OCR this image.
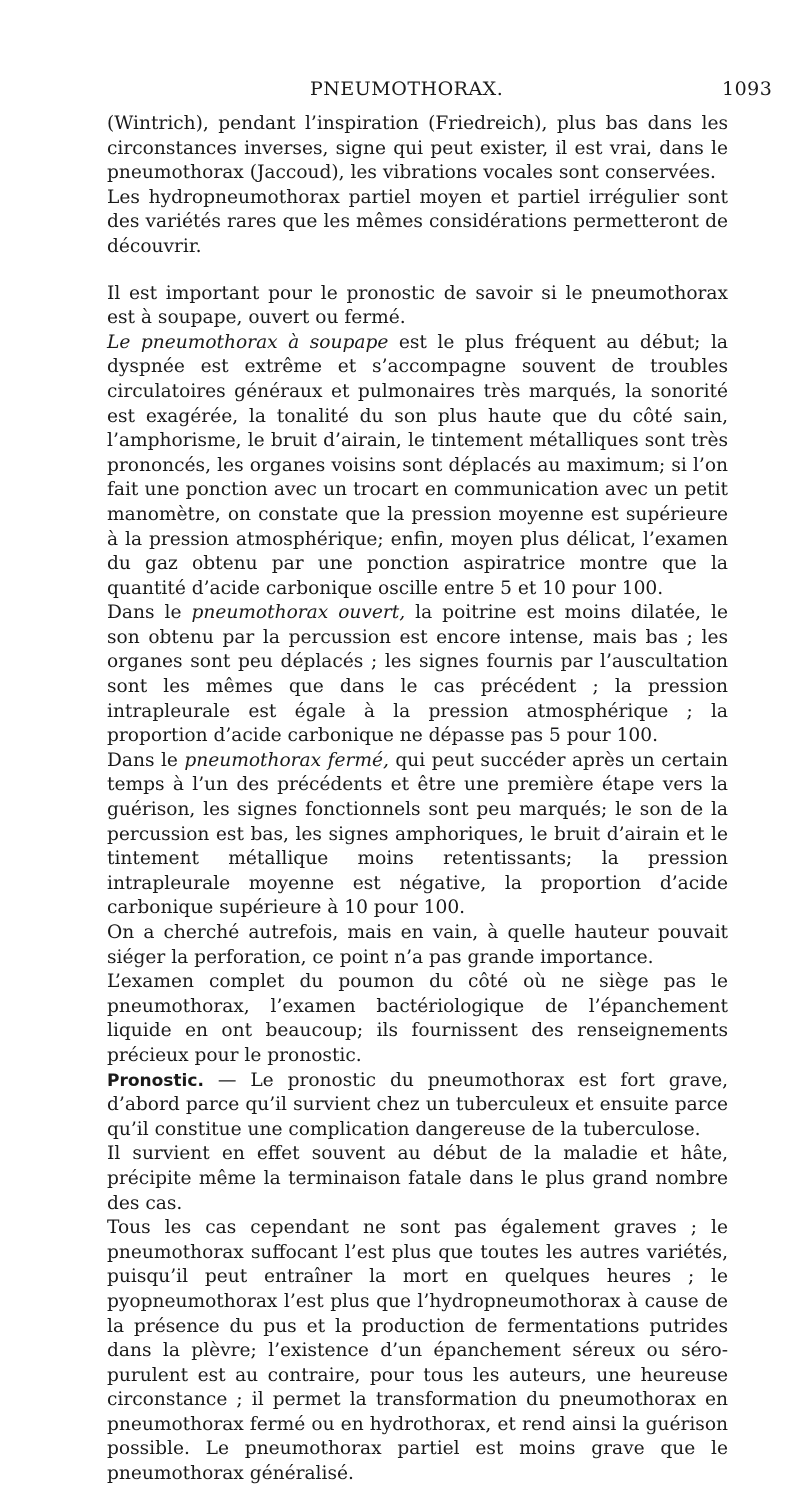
PNEUMOTHORAX.	1093

(Wintrich), pendant l’inspiration (Friedreich), plus bas dans les circonstances inverses, signe qui peut exister, il est vrai, dans le pneumothorax (Jaccoud), les vibrations vocales sont conservées.

Les hydropneumothorax partiel moyen et partiel irrégulier sont des variétés rares que les mêmes considérations permetteront de découvrir.

Il est important pour le pronostic de savoir si le pneumothorax est à soupape, ouvert ou fermé.

Le pneumothorax à soupape est le plus fréquent au début; la dyspnée est extrême et s’accompagne souvent de troubles circulatoires généraux et pulmonaires très marqués, la sonorité est exagérée, la tonalité du son plus haute que du côté sain, l’amphorisme, le bruit d’airain, le tintement métalliques sont très prononcés, les organes voisins sont déplacés au maximum; si l’on fait une ponction avec un trocart en communication avec un petit manomètre, on constate que la pression moyenne est supérieure à la pression atmosphérique; enfin, moyen plus délicat, l’examen du gaz obtenu par une ponction aspiratrice montre que la quantité d’acide carbonique oscille entre 5 et 10 pour 100.

Dans le pneumothorax ouvert, la poitrine est moins dilatée, le son obtenu par la percussion est encore intense, mais bas ; les organes sont peu déplacés ; les signes fournis par l’auscultation sont les mêmes que dans le cas précédent ; la pression intrapleurale est égale à la pression atmosphérique ; la proportion d’acide carbonique ne dépasse pas 5 pour 100.

Dans le pneumothorax fermé, qui peut succéder après un certain temps à l’un des précédents et être une première étape vers la guérison, les signes fonctionnels sont peu marqués; le son de la percussion est bas, les signes amphoriques, le bruit d’airain et le tintement métallique moins retentissants; la pression intrapleurale moyenne est négative, la proportion d’acide carbonique supérieure à 10 pour 100.

On a cherché autrefois, mais en vain, à quelle hauteur pouvait siéger la perforation, ce point n’a pas grande importance.

L’examen complet du poumon du côté où ne siège pas le pneumothorax, l’examen bactériologique de l’épanchement liquide en ont beaucoup; ils fournissent des renseignements précieux pour le pronostic.

Pronostic. — Le pronostic du pneumothorax est fort grave, d’abord parce qu’il survient chez un tuberculeux et ensuite parce qu’il constitue une complication dangereuse de la tuberculose.

Il survient en effet souvent au début de la maladie et hâte, précipite même la terminaison fatale dans le plus grand nombre des cas.

Tous les cas cependant ne sont pas également graves ; le pneumothorax suffocant l’est plus que toutes les autres variétés, puisqu’il peut entraîner la mort en quelques heures ; le pyopneumothorax l’est plus que l’hydropneumothorax à cause de la présence du pus et la production de fermentations putrides dans la plèvre; l’existence d’un épanchement séreux ou séro-purulent est au contraire, pour tous les auteurs, une heureuse circonstance ; il permet la transformation du pneumothorax en pneumothorax fermé ou en hydrothorax, et rend ainsi la guérison possible. Le pneumothorax partiel est moins grave que le pneumothorax généralisé.
